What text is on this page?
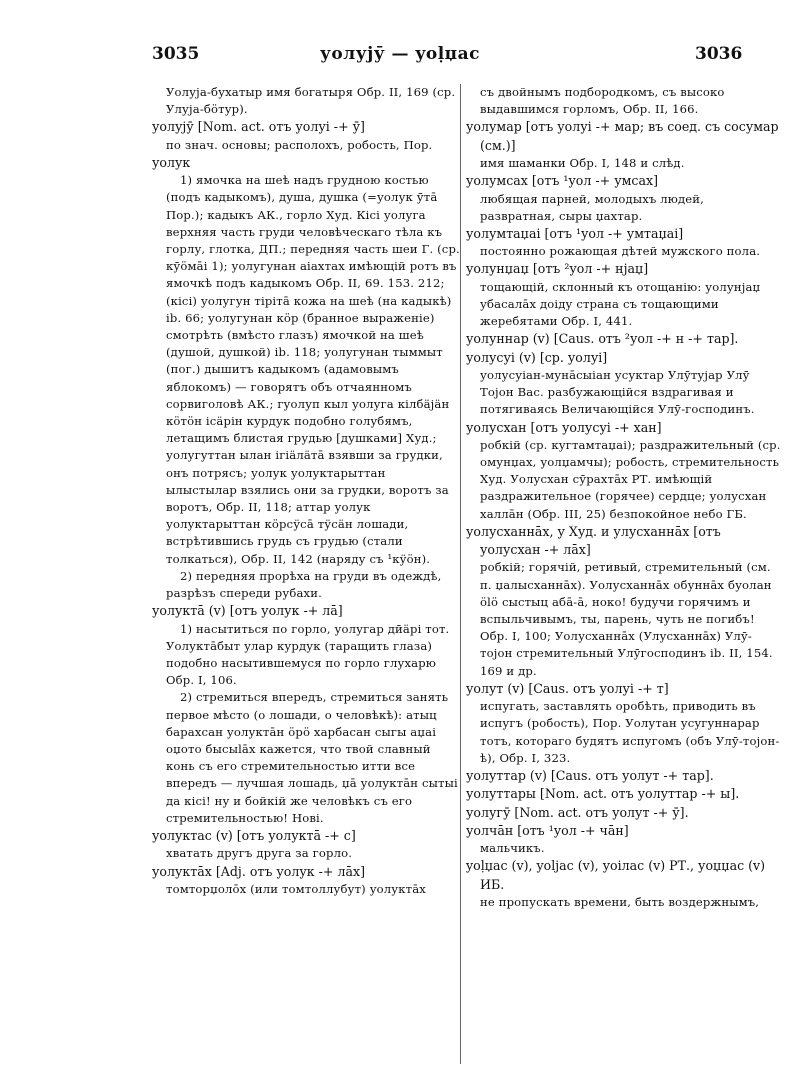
3035	уолујӯ — yoḷџас	3036

Уолуја-бухатыр имя богатыря Обр. II, 169 (ср. Улуја-бӧтур).

уолујӯ [Nom. act. отъ уолуі -+ ӯ]

по знач. основы; располохъ, робость, Пор.

уолук

1) ямочка на шеѣ надъ грудною костью (подъ кадыкомъ), душа, душка (=уолук ӯтā Пор.); кадыкъ АК., горло Худ. Кісі уолуга верхняя часть груди человѣческаго тѣла къ горлу, глотка, ДП.; передняя часть шеи Г. (ср. кӯӧмāі 1); уолугунан аіахтах имѣющій ротъ въ ямочкѣ подъ кадыкомъ Обр. II, 69. 153. 212; (кісі) уолугун тірітā кожа на шеѣ (на кадыкѣ) ib. 66; уолугунан кӧр (бранное выраженіе) смотрѣть (вмѣсто глазъ) ямочкой на шеѣ (душой, душкой) ib. 118; уолугунан тыммыт (пог.) дышитъ кадыкомъ (адамовымъ яблокомъ) — говорятъ объ отчаянномъ сорвиголовѣ АК.; гуолуп кыл уолуга кілбäјäн кӧтӧн ісäрін курдук подобно голубямъ, летащимъ блистая грудью [душками] Худ.; уолугуттан ылан ігіäлäтā взявши за грудки, онъ потрясъ; уолук уолуктарыттан ылыстылар взялись они за грудки, воротъ за воротъ, Обр. II, 118; аттар уолук уолуктарыттан кӧрсӱсā тӱсäн лошади, встрѣтившись грудь съ грудью (стали толкаться), Обр. II, 142 (наряду съ ¹кӱӧн).

2) передняя прорѣха на груди въ одеждѣ, разрѣзъ спереди рубахи.

уолуктā (v) [отъ уолук -+ лā]

1) насытиться по горло, уолугар дӣäрі тот. Уолуктāбыт улар курдук (таращить глаза) подобно насытившемуся по горло глухарю Обр. I, 106.

2) стремиться впередъ, стремиться занять первое мѣсто (о лошади, о человѣкѣ): атыц барахсан уолуктāн ӧрӧ харбасан сыгы аџаі оџото бысыlāх кажется, что твой славный конь съ его стремительностью итти все впередъ — лучшая лошадь, џā уолуктāн сытыі да кісі! ну и бойкій же человѣкъ съ его стремительностью! Нові.

уолуктас (v) [отъ уолуктā -+ с]

хватать другъ друга за горло.

уолуктāх [Adj. отъ уолук -+ лāх]

томторџолōх (или томтоллубут) уолуктāх

съ двойнымъ подбородкомъ, съ высоко выдавшимся горломъ, Обр. II, 166.

уолумар [отъ уолуі -+ мар; въ соед. съ сосумар (см.)]

имя шаманки Обр. I, 148 и слѣд.

уолумсах [отъ ¹уол -+ умсах]

любящая парней, молодыхъ людей, развратная, сыры џахтар.

уолумтаџаі [отъ ¹уол -+ умтаџаі]

постоянно рожающая дѣтей мужского пола.

уолунџаџ [отъ ²уол -+ нјаџ]

тощающій, склонный къ отощанію: уолунјаџ убасалāх доіду страна съ тощающими жеребятами Обр. I, 441.

уолуннар (v) [Caus. отъ ²уол -+ н -+ тар].

уолусуі (v) [ср. уолуі]

уолусуіан-мунāсыіан усуктар Улӯтујар Улӯ Тојон Вас. разбужающійся вздрагивая и потягиваясь Величающійся Улӯ-господинъ.

уолусхан [отъ уолусуі -+ хан]

робкій (ср. кугтамтаџаі); раздражительный (ср. омунџах, уолџамчы); робость, стремительность Худ. Уолусхан сӯрахтāх РТ. имѣющій раздражительное (горячее) сердце; уолусхан халлāн (Обр. III, 25) безпокойное небо ГБ.

уолусханнāх, у Худ. и улусханнāх [отъ уолусхан -+ лāх]

робкій; горячій, ретивый, стремительный (см. п. џалысханнāх). Уолусханнāх обуннāх буолан ӧlӧ сыстыц абā-ā, ноко! будучи горячимъ и вспыльчивымъ, ты, парень, чуть не погибъ! Обр. I, 100; Уолусханнāх (Улусханнāх) Улӯ-тојон стремительный Улӯгосподинъ ib. II, 154. 169 и др.

уолут (v) [Caus. отъ уолуі -+ т]

испугать, заставлять оробѣть, приводить въ испугъ (робость), Пор. Уолутан усугуннарар тотъ, котораго будятъ испугомъ (объ Улӯ-тојон-ѣ), Обр. I, 323.

уолуттар (v) [Caus. отъ уолут -+ тар].

уолуттары [Nom. act. отъ уолуттар -+ ы].

уолугӯ [Nom. act. отъ уолут -+ ӯ].

уолчāн [отъ ¹уол -+ чāн]

мальчикъ.

yoḷџас (v), yoljас (v), уоілас (v) РТ., уоџџас (v) ИБ.

не пропускать времени, быть воздержнымъ,
